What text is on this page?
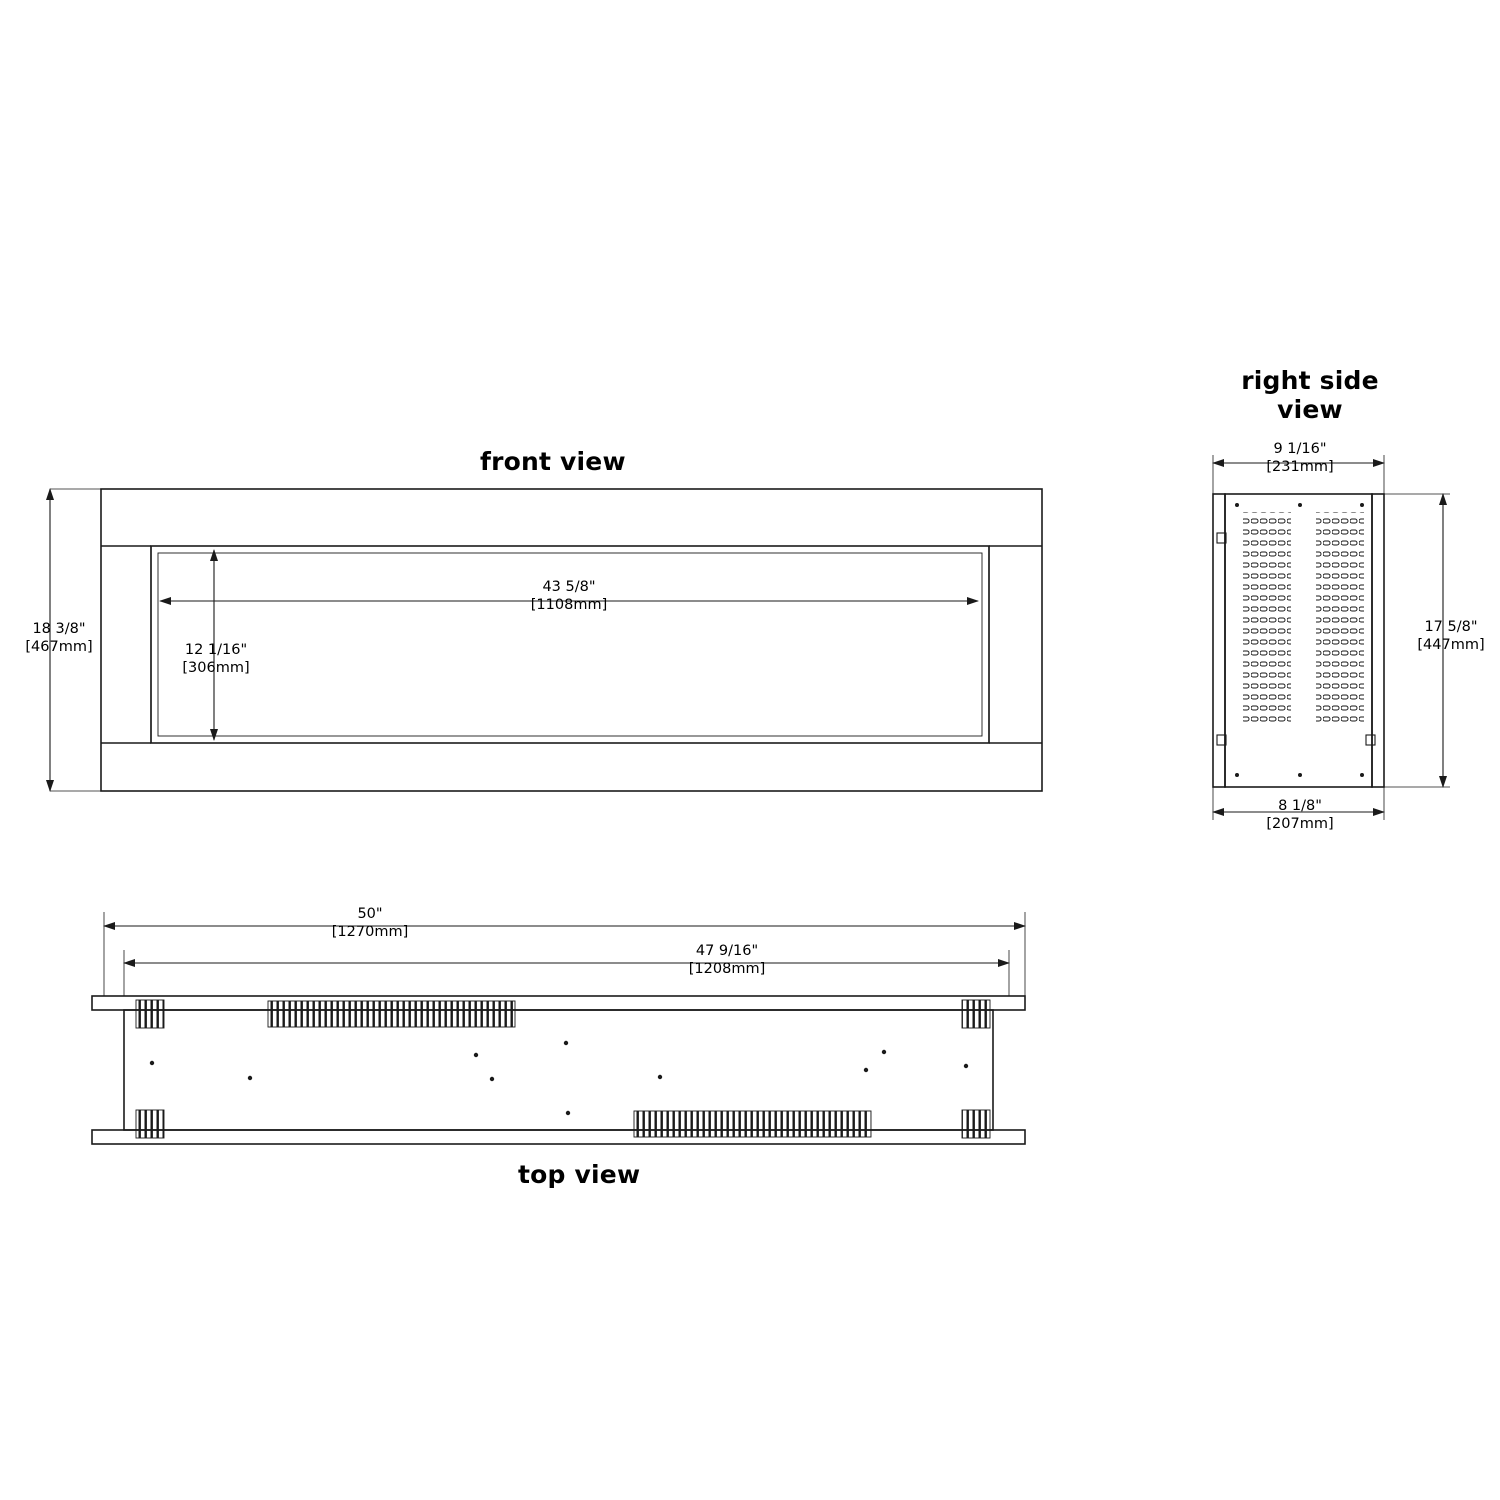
front view
top view
right side
view
18 3/8"
[467mm]
43 5/8"
[1108mm]
12 1/16"
[306mm]
9 1/16"
[231mm]
8 1/8"
[207mm]
17 5/8"
[447mm]
50"
[1270mm]
47 9/16"
[1208mm]
